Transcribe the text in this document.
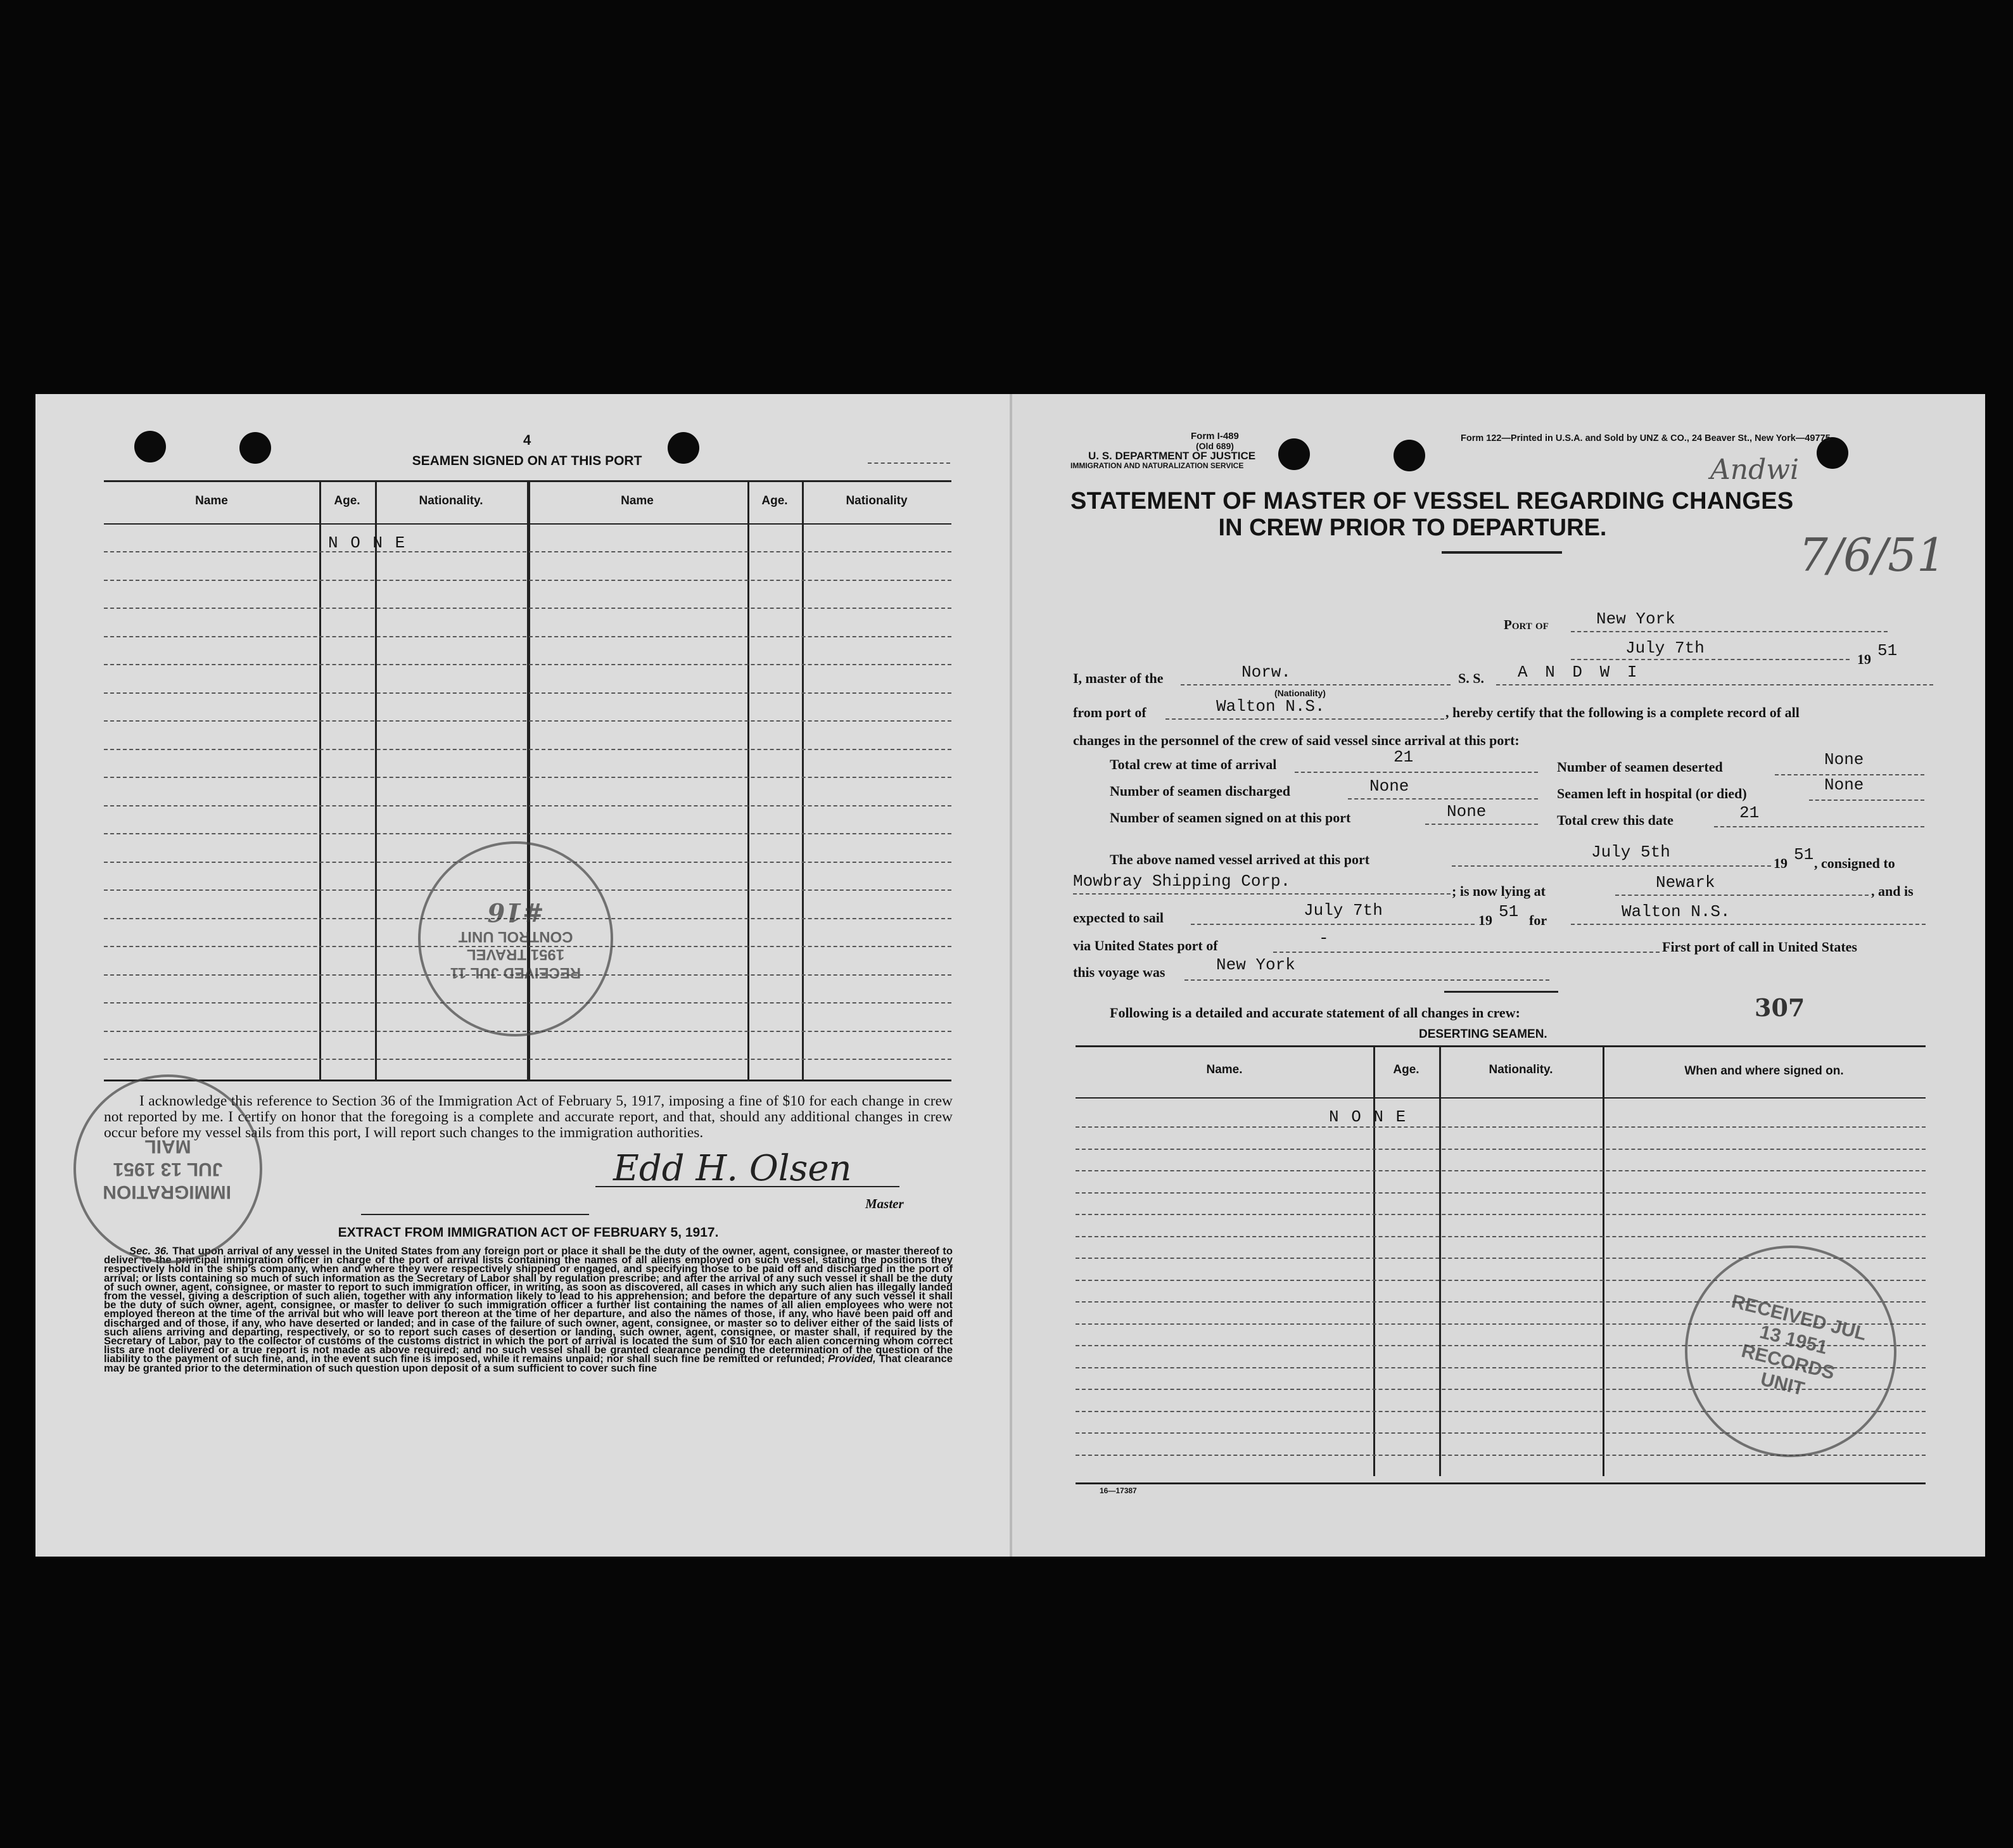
4
SEAMEN SIGNED ON AT THIS PORT
Name	Age.	Nationality.	Name	Age.	Nationality
N O N E
I acknowledge this reference to Section 36 of the Immigration Act of February 5, 1917, imposing a fine of $10 for each change in crew not reported by me. I certify on honor that the foregoing is a complete and accurate report, and that, should any additional changes in crew occur before my vessel sails from this port, I will report such changes to the immigration authorities.
Edd H. Olsen
Master
EXTRACT FROM IMMIGRATION ACT OF FEBRUARY 5, 1917.
Sec. 36. That upon arrival of any vessel in the United States from any foreign port or place it shall be the duty of the owner, agent, consignee, or master thereof to deliver to the principal immigration officer in charge of the port of arrival lists containing the names of all aliens employed on such vessel, stating the positions they respectively hold in the ship's company, when and where they were respectively shipped or engaged, and specifying those to be paid off and discharged in the port of arrival; or lists containing so much of such information as the Secretary of Labor shall by regulation prescribe; and after the arrival of any such vessel it shall be the duty of such owner, agent, consignee, or master to report to such immigration officer, in writing, as soon as discovered, all cases in which any such alien has illegally landed from the vessel, giving a description of such alien, together with any information likely to lead to his apprehension; and before the departure of any such vessel it shall be the duty of such owner, agent, consignee, or master to deliver to such immigration officer a further list containing the names of all alien employees who were not employed thereon at the time of the arrival but who will leave port thereon at the time of her departure, and also the names of those, if any, who have been paid off and discharged and of those, if any, who have deserted or landed; and in case of the failure of such owner, agent, consignee, or master so to deliver either of the said lists of such aliens arriving and departing, respectively, or so to report such cases of desertion or landing, such owner, agent, consignee, or master shall, if required by the Secretary of Labor, pay to the collector of customs of the customs district in which the port of arrival is located the sum of $10 for each alien concerning whom correct lists are not delivered or a true report is not made as above required; and no such vessel shall be granted clearance pending the determination of the question of the liability to the payment of such fine, and, in the event such fine is imposed, while it remains unpaid; nor shall such fine be remitted or refunded; Provided, That clearance may be granted prior to the determination of such question upon deposit of a sum sufficient to cover such fine
RECEIVED JUL 11 1951 TRAVEL CONTROL UNIT
#16
IMMIGRATION JUL 13 1951 MAIL
Form I-489
(Old 689)
U. S. DEPARTMENT OF JUSTICE
IMMIGRATION AND NATURALIZATION SERVICE
Form 122—Printed in U.S.A. and Sold by UNZ & CO., 24 Beaver St., New York—49775
Andwi
7/6/51
STATEMENT OF MASTER OF VESSEL REGARDING CHANGES
IN CREW PRIOR TO DEPARTURE.
Port of	New York
July 7th
19 51
I, master of the	Norw.
(Nationality)
S. S. A N D W I
from port of	Walton N.S.	, hereby certify that the following is a complete record of all
changes in the personnel of the crew of said vessel since arrival at this port:
Total crew at time of arrival	21
Number of seamen deserted	None
Number of seamen discharged	None	Seamen left in hospital (or died)	None
Number of seamen signed on at this port	None	Total crew this date	21
The above named vessel arrived at this port	July 5th
19 51 , consigned to
Mowbray Shipping Corp.
; is now lying at	Newark	, and is
expected to sail	July 7th
19 51 for	Walton N.S.
via United States port of	-	First port of call in United States
this voyage was	New York
Following is a detailed and accurate statement of all changes in crew:	307
DESERTING SEAMEN.
Name.	Age.	Nationality.	When and where signed on.
N O N E
16—17387
RECEIVED JUL 13 1951 RECORDS UNIT
